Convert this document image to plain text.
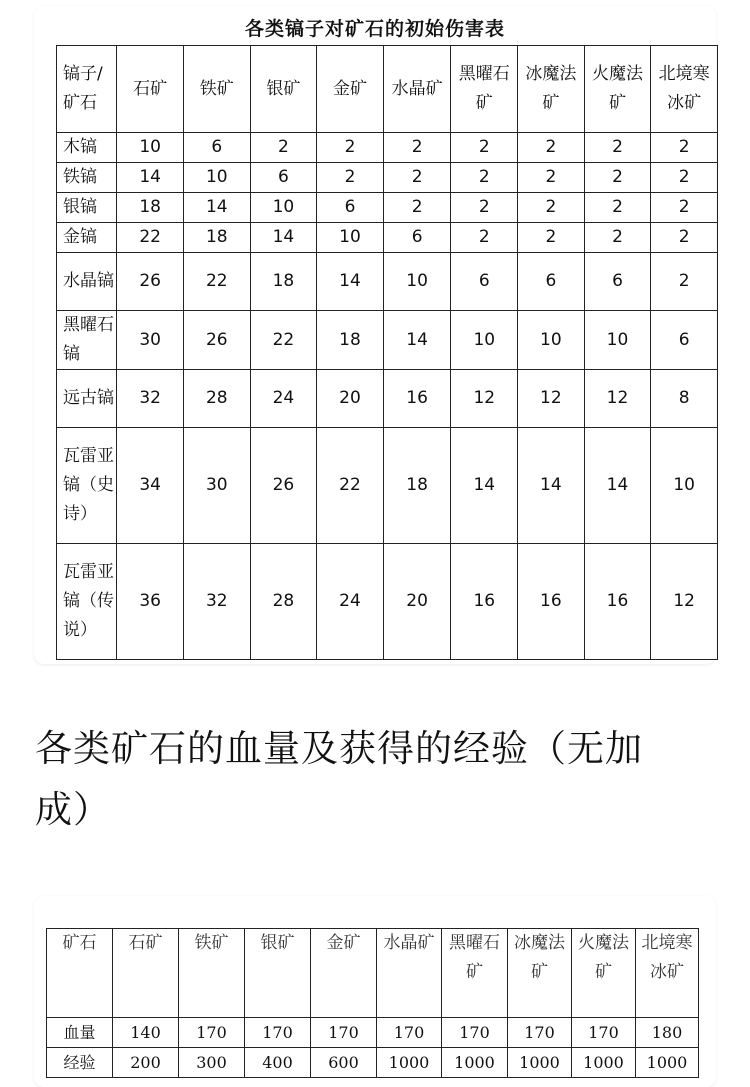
各类镐子对矿石的初始伤害表
镐子/矿石	石矿	铁矿	银矿	金矿	水晶矿	黑曜石矿	冰魔法矿	火魔法矿	北境寒冰矿
木镐	10	6	2	2	2	2	2	2	2
铁镐	14	10	6	2	2	2	2	2	2
银镐	18	14	10	6	2	2	2	2	2
金镐	22	18	14	10	6	2	2	2	2
水晶镐	26	22	18	14	10	6	6	6	2
黑曜石镐	30	26	22	18	14	10	10	10	6
远古镐	32	28	24	20	16	12	12	12	8
瓦雷亚镐（史诗）	34	30	26	22	18	14	14	14	10
瓦雷亚镐（传说）	36	32	28	24	20	16	16	16	12
各类矿石的血量及获得的经验（无加成）
矿石	石矿	铁矿	银矿	金矿	水晶矿	黑曜石矿	冰魔法矿	火魔法矿	北境寒冰矿
血量	140	170	170	170	170	170	170	170	180
经验	200	300	400	600	1000	1000	1000	1000	1000
